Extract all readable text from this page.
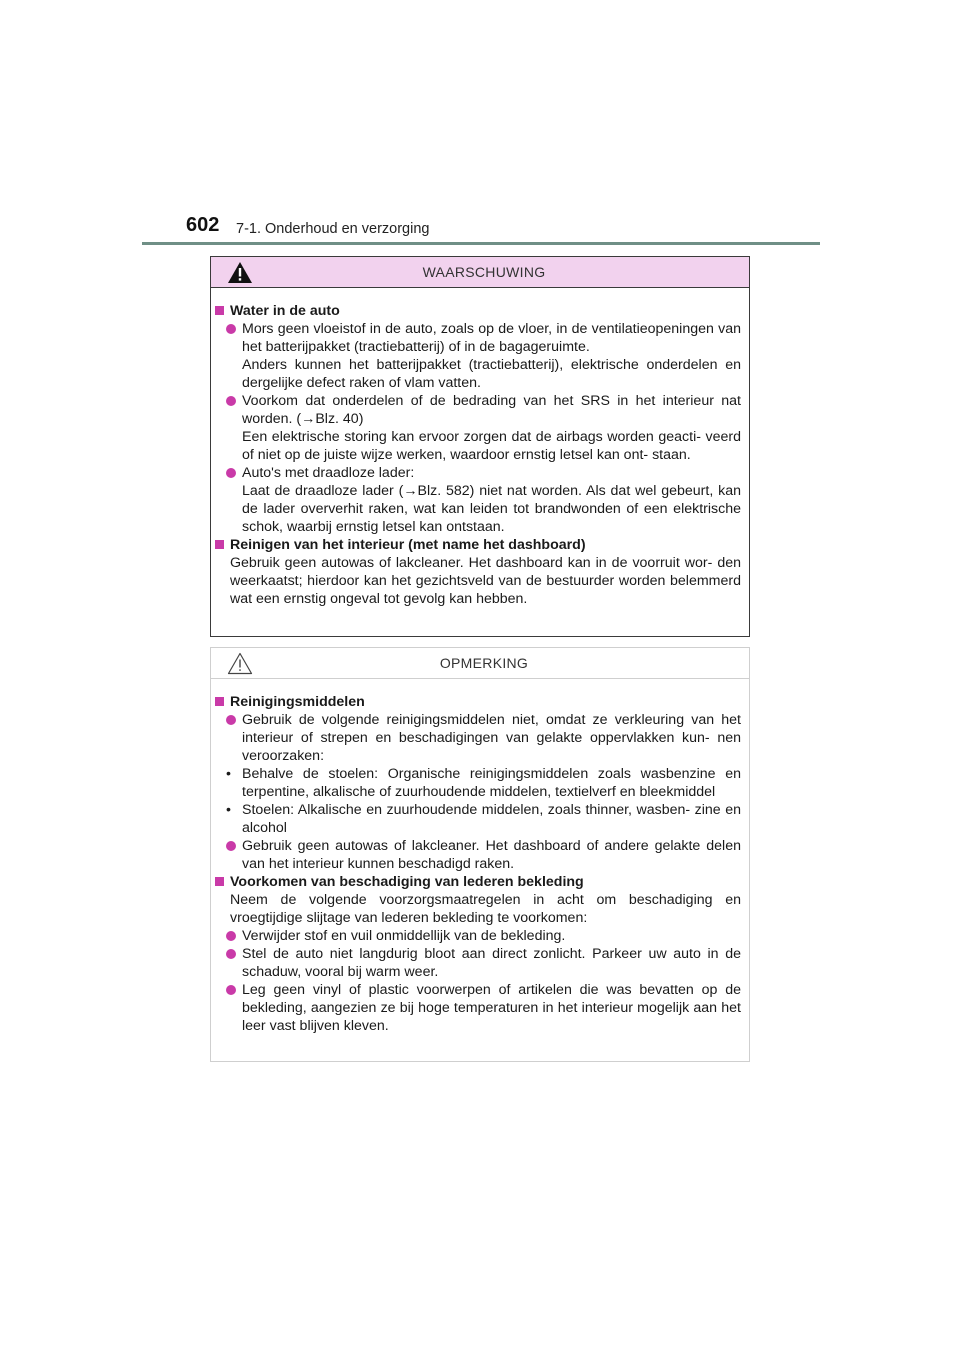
602 7-1. Onderhoud en verzorging
WAARSCHUWING
Water in de auto
Mors geen vloeistof in de auto, zoals op de vloer, in de ventilatieopeningen van het batterijpakket (tractiebatterij) of in de bagageruimte.
Anders kunnen het batterijpakket (tractiebatterij), elektrische onderdelen en dergelijke defect raken of vlam vatten.
Voorkom dat onderdelen of de bedrading van het SRS in het interieur nat worden. (→Blz. 40)
Een elektrische storing kan ervoor zorgen dat de airbags worden geacti- veerd of niet op de juiste wijze werken, waardoor ernstig letsel kan ont- staan.
Auto's met draadloze lader:
Laat de draadloze lader (→Blz. 582) niet nat worden. Als dat wel gebeurt, kan de lader oververhit raken, wat kan leiden tot brandwonden of een elektrische schok, waarbij ernstig letsel kan ontstaan.
Reinigen van het interieur (met name het dashboard)
Gebruik geen autowas of lakcleaner. Het dashboard kan in de voorruit wor- den weerkaatst; hierdoor kan het gezichtsveld van de bestuurder worden belemmerd wat een ernstig ongeval tot gevolg kan hebben.
OPMERKING
Reinigingsmiddelen
Gebruik de volgende reinigingsmiddelen niet, omdat ze verkleuring van het interieur of strepen en beschadigingen van gelakte oppervlakken kun- nen veroorzaken:
• Behalve de stoelen: Organische reinigingsmiddelen zoals wasbenzine en terpentine, alkalische of zuurhoudende middelen, textielverf en bleekmiddel
• Stoelen: Alkalische en zuurhoudende middelen, zoals thinner, wasben- zine en alcohol
Gebruik geen autowas of lakcleaner. Het dashboard of andere gelakte delen van het interieur kunnen beschadigd raken.
Voorkomen van beschadiging van lederen bekleding
Neem de volgende voorzorgsmaatregelen in acht om beschadiging en vroegtijdige slijtage van lederen bekleding te voorkomen:
Verwijder stof en vuil onmiddellijk van de bekleding.
Stel de auto niet langdurig bloot aan direct zonlicht. Parkeer uw auto in de schaduw, vooral bij warm weer.
Leg geen vinyl of plastic voorwerpen of artikelen die was bevatten op de bekleding, aangezien ze bij hoge temperaturen in het interieur mogelijk aan het leer vast blijven kleven.
